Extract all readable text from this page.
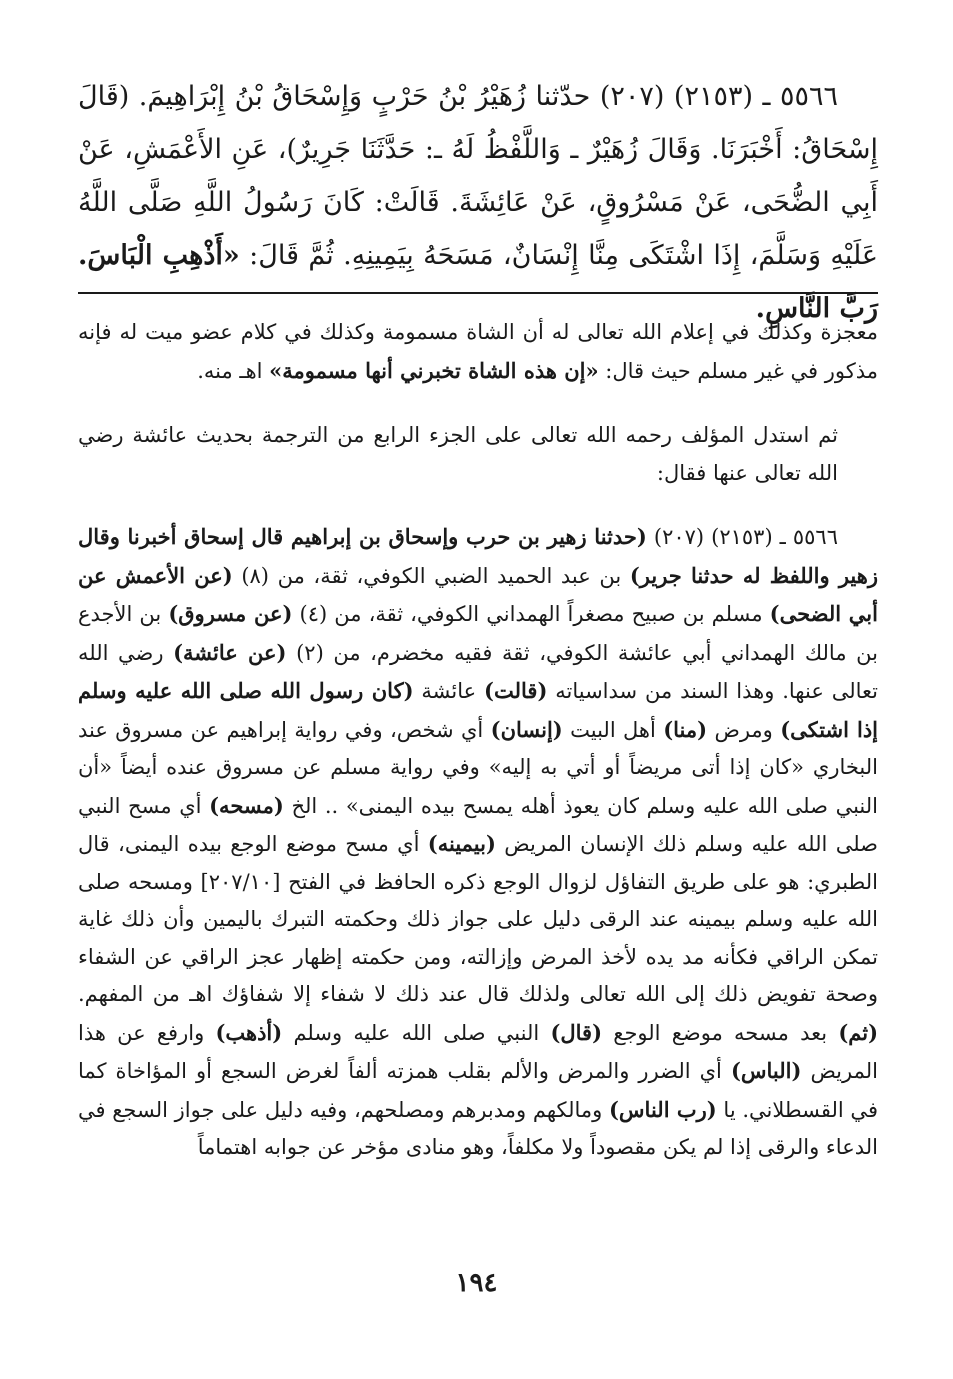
٥٥٦٦ ـ (٢١٥٣) (٢٠٧) حدّثنا زُهَيْرُ بْنُ حَرْبٍ وَإِسْحَاقُ بْنُ إِبْرَاهِيمَ. (قَالَ إِسْحَاقُ: أَخْبَرَنَا. وَقَالَ زُهَيْرٌ ـ وَاللَّفْظُ لَهُ ـ: حَدَّثَنَا جَرِيرٌ)، عَنِ الأَعْمَشِ، عَنْ أَبِي الضُّحَى، عَنْ مَسْرُوقٍ، عَنْ عَائِشَةَ. قَالَتْ: كَانَ رَسُولُ اللَّهِ صَلَّى اللَّهُ عَلَيْهِ وَسَلَّمَ، إِذَا اشْتَكَى مِنَّا إِنْسَانٌ، مَسَحَهُ بِيَمِينِهِ. ثُمَّ قَالَ: «أَذْهِبِ الْبَاسَ. رَبَّ النَّاسِ.

معجزة وكذلك في إعلام الله تعالى له أن الشاة مسمومة وكذلك في كلام عضو ميت له فإنه مذكور في غير مسلم حيث قال: «إن هذه الشاة تخبرني أنها مسمومة» اهـ منه.

ثم استدل المؤلف رحمه الله تعالى على الجزء الرابع من الترجمة بحديث عائشة رضي الله تعالى عنها فقال:

٥٥٦٦ ـ (٢١٥٣) (٢٠٧) (حدثنا زهير بن حرب وإسحاق بن إبراهيم قال إسحاق أخبرنا وقال زهير واللفظ له حدثنا جرير) بن عبد الحميد الضبي الكوفي، ثقة، من (٨) (عن الأعمش عن أبي الضحى) مسلم بن صبيح مصغراً الهمداني الكوفي، ثقة، من (٤) (عن مسروق) بن الأجدع بن مالك الهمداني أبي عائشة الكوفي، ثقة فقيه مخضرم، من (٢) (عن عائشة) رضي الله تعالى عنها. وهذا السند من سداسياته (قالت) عائشة (كان رسول الله صلى الله عليه وسلم إذا اشتكى) ومرض (منا) أهل البيت (إنسان) أي شخص، وفي رواية إبراهيم عن مسروق عند البخاري «كان إذا أتى مريضاً أو أتي به إليه» وفي رواية مسلم عن مسروق عنده أيضاً «أن النبي صلى الله عليه وسلم كان يعوذ أهله يمسح بيده اليمنى» .. الخ (مسحه) أي مسح النبي صلى الله عليه وسلم ذلك الإنسان المريض (بيمينه) أي مسح موضع الوجع بيده اليمنى، قال الطبري: هو على طريق التفاؤل لزوال الوجع ذكره الحافظ في الفتح [٢٠٧/١٠] ومسحه صلى الله عليه وسلم بيمينه عند الرقى دليل على جواز ذلك وحكمته التبرك باليمين وأن ذلك غاية تمكن الراقي فكأنه مد يده لأخذ المرض وإزالته، ومن حكمته إظهار عجز الراقي عن الشفاء وصحة تفويض ذلك إلى الله تعالى ولذلك قال عند ذلك لا شفاء إلا شفاؤك اهـ من المفهم. (ثم) بعد مسحه موضع الوجع (قال) النبي صلى الله عليه وسلم (أذهب) وارفع عن هذا المريض (الباس) أي الضرر والمرض والألم بقلب همزته ألفاً لغرض السجع أو المؤاخاة كما في القسطلاني. يا (رب الناس) ومالكهم ومدبرهم ومصلحهم، وفيه دليل على جواز السجع في الدعاء والرقى إذا لم يكن مقصوداً ولا مكلفاً، وهو منادى مؤخر عن جوابه اهتماماً

١٩٤
